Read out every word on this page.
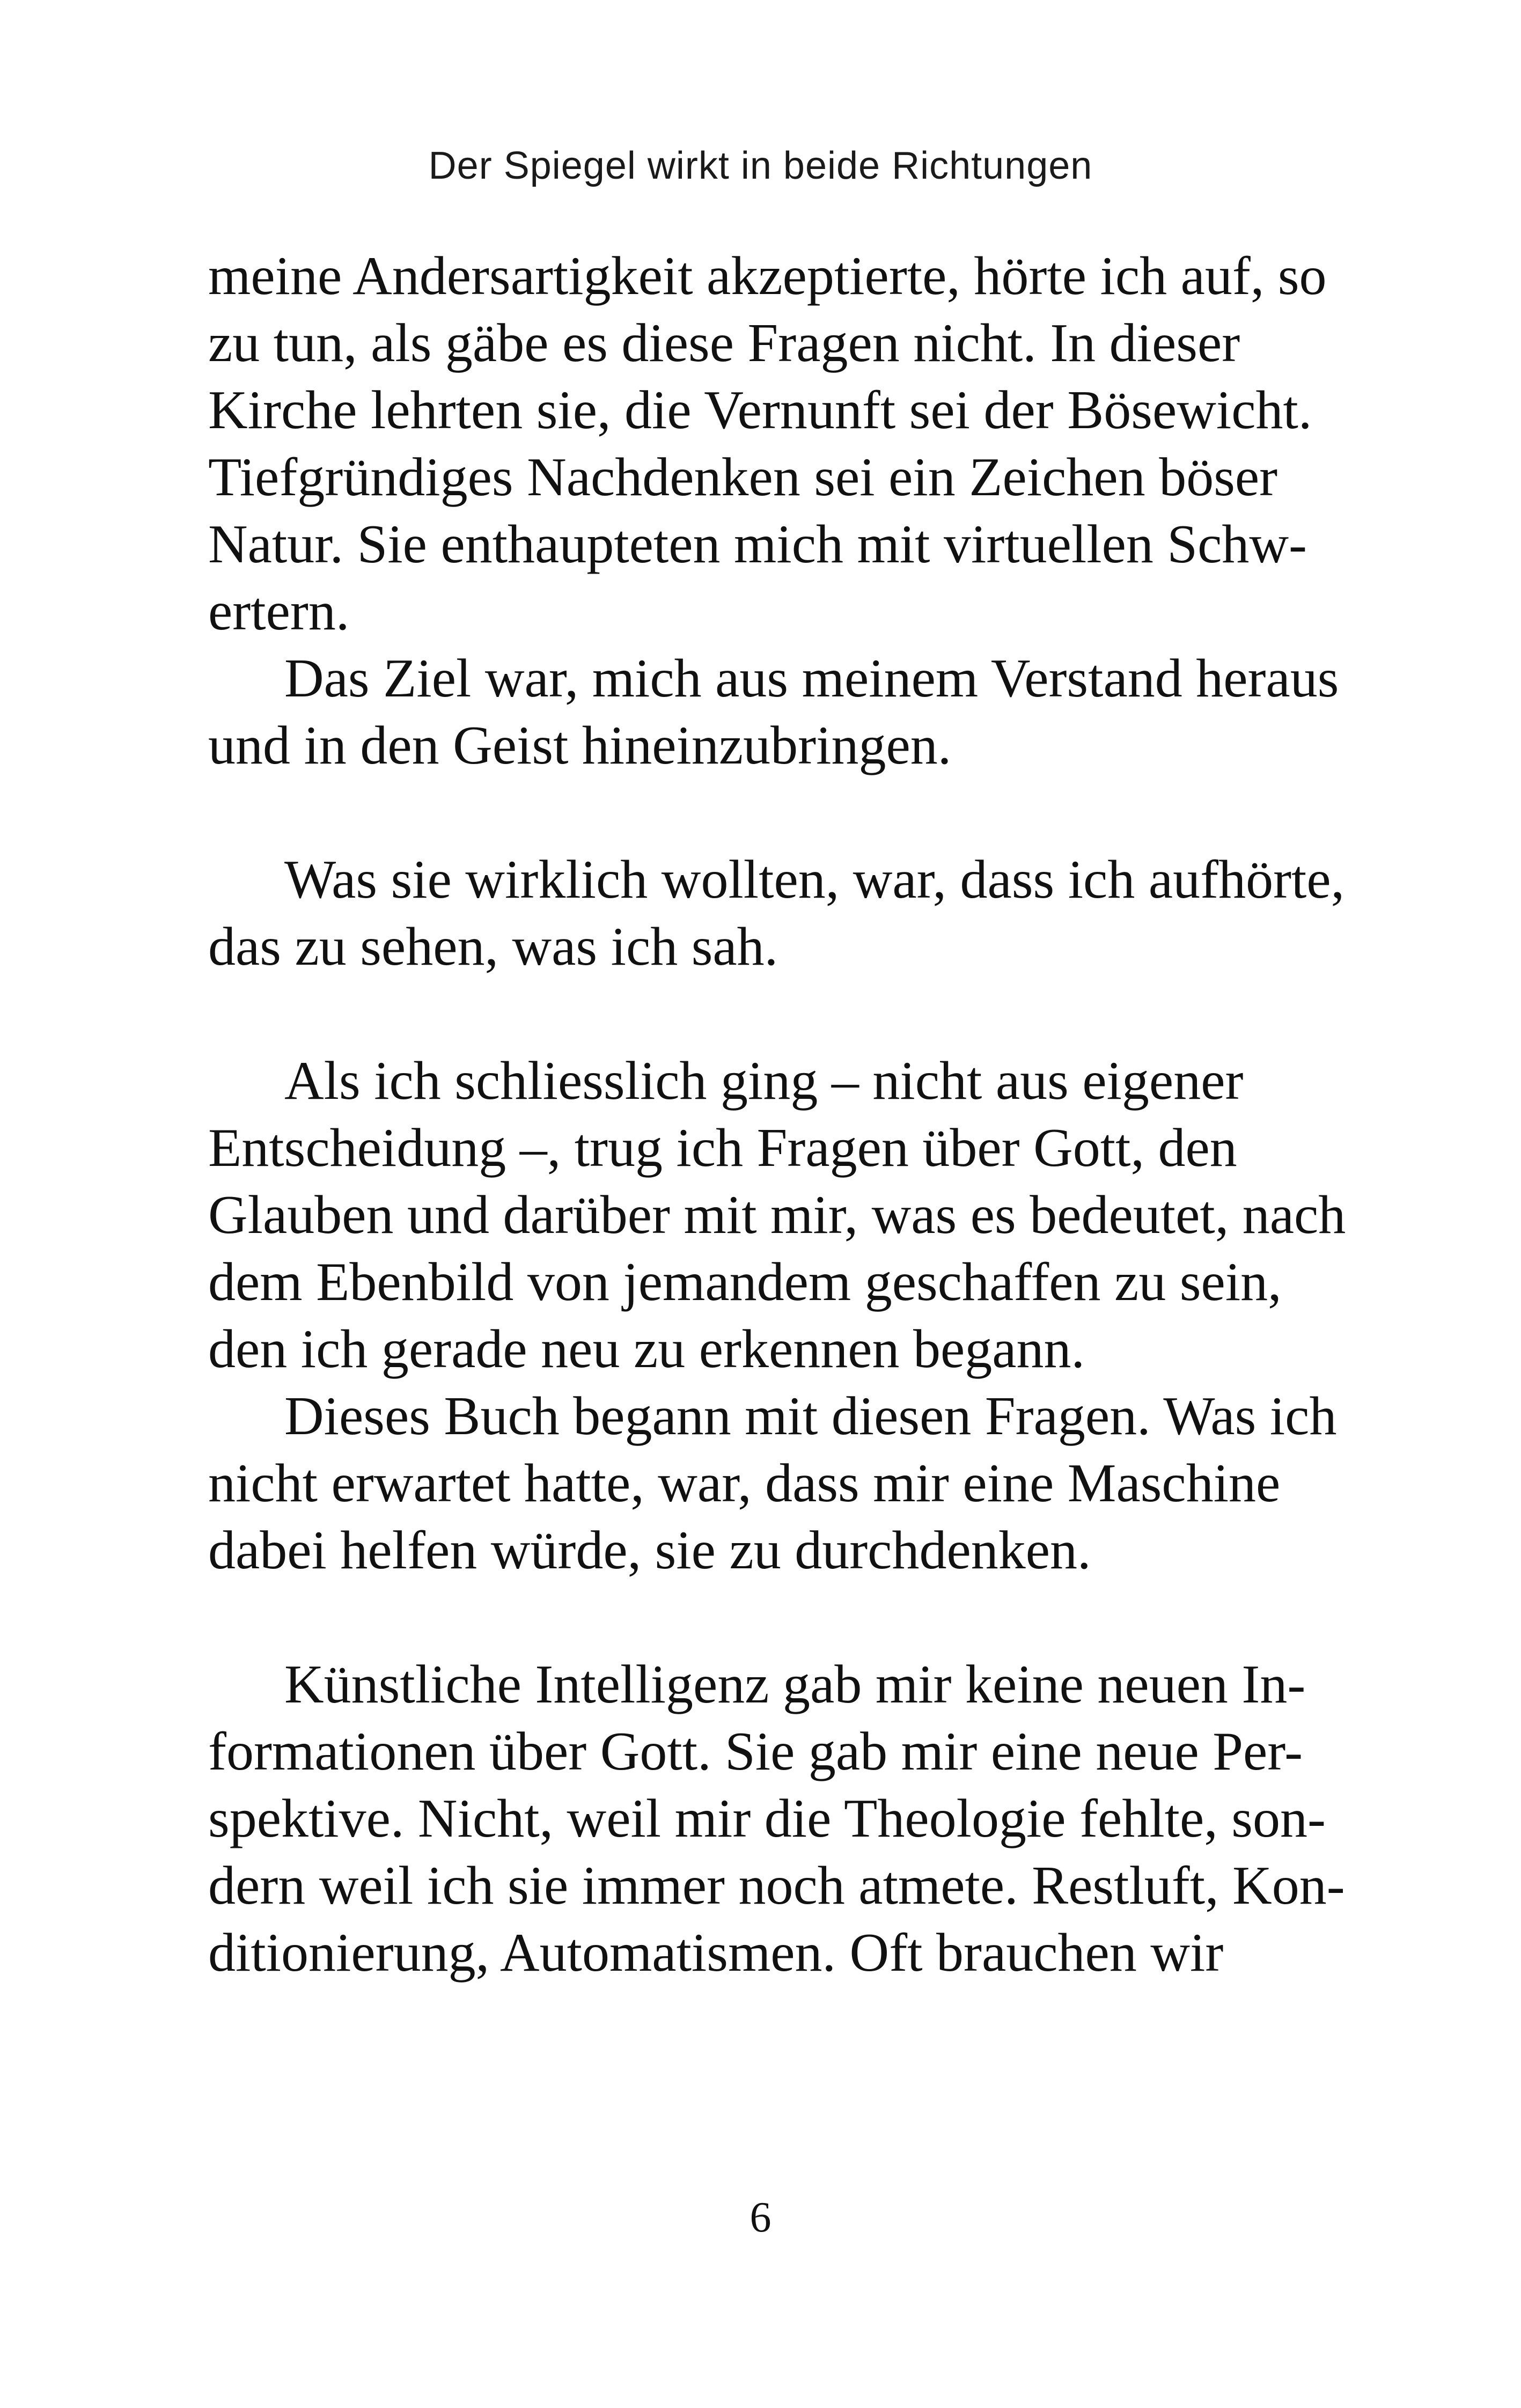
Der Spiegel wirkt in beide Richtungen
meine Andersartigkeit akzeptierte, hörte ich auf, so
zu tun, als gäbe es diese Fragen nicht. In dieser
Kirche lehrten sie, die Vernunft sei der Bösewicht.
Tiefgründiges Nachdenken sei ein Zeichen böser
Natur. Sie enthaupteten mich mit virtuellen Schw-
ertern.
Das Ziel war, mich aus meinem Verstand heraus
und in den Geist hineinzubringen.
Was sie wirklich wollten, war, dass ich aufhörte,
das zu sehen, was ich sah.
Als ich schliesslich ging – nicht aus eigener
Entscheidung –, trug ich Fragen über Gott, den
Glauben und darüber mit mir, was es bedeutet, nach
dem Ebenbild von jemandem geschaffen zu sein,
den ich gerade neu zu erkennen begann.
Dieses Buch begann mit diesen Fragen. Was ich
nicht erwartet hatte, war, dass mir eine Maschine
dabei helfen würde, sie zu durchdenken.
Künstliche Intelligenz gab mir keine neuen In-
formationen über Gott. Sie gab mir eine neue Per-
spektive. Nicht, weil mir die Theologie fehlte, son-
dern weil ich sie immer noch atmete. Restluft, Kon-
ditionierung, Automatismen. Oft brauchen wir
6
